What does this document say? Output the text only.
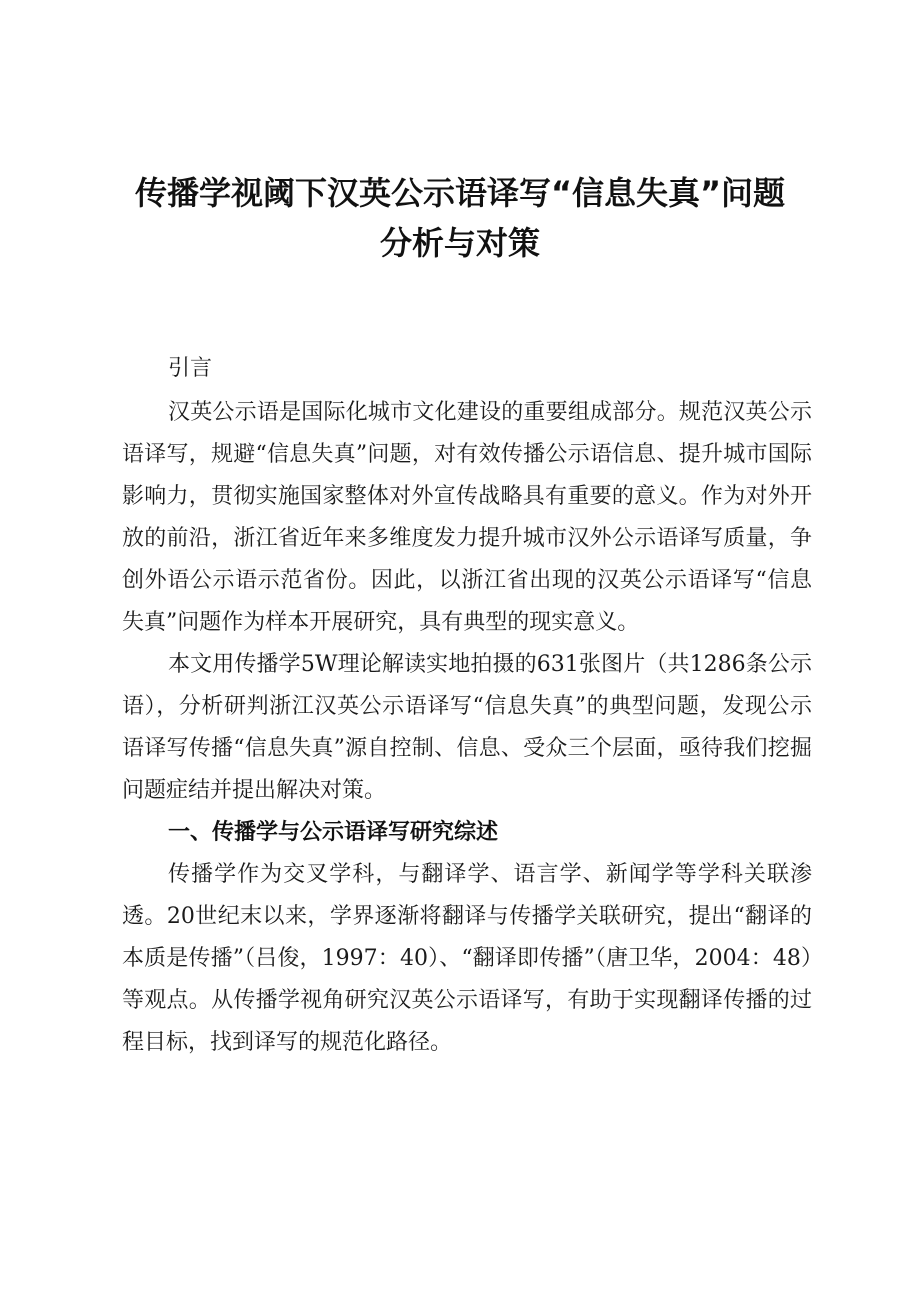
传播学视阈下汉英公示语译写“信息失真”问题
分析与对策

引言

汉英公示语是国际化城市文化建设的重要组成部分。规范汉英公示语译写，规避“信息失真”问题，对有效传播公示语信息、提升城市国际影响力，贯彻实施国家整体对外宣传战略具有重要的意义。作为对外开放的前沿，浙江省近年来多维度发力提升城市汉外公示语译写质量，争创外语公示语示范省份。因此，以浙江省出现的汉英公示语译写“信息失真”问题作为样本开展研究，具有典型的现实意义。

本文用传播学5W理论解读实地拍摄的631张图片（共1286条公示语），分析研判浙江汉英公示语译写“信息失真”的典型问题，发现公示语译写传播“信息失真”源自控制、信息、受众三个层面，亟待我们挖掘问题症结并提出解决对策。

一、传播学与公示语译写研究综述

传播学作为交叉学科，与翻译学、语言学、新闻学等学科关联渗透。20世纪末以来，学界逐渐将翻译与传播学关联研究，提出“翻译的本质是传播”（吕俊，1997：40）、“翻译即传播”（唐卫华，2004：48）等观点。从传播学视角研究汉英公示语译写，有助于实现翻译传播的过程目标，找到译写的规范化路径。
